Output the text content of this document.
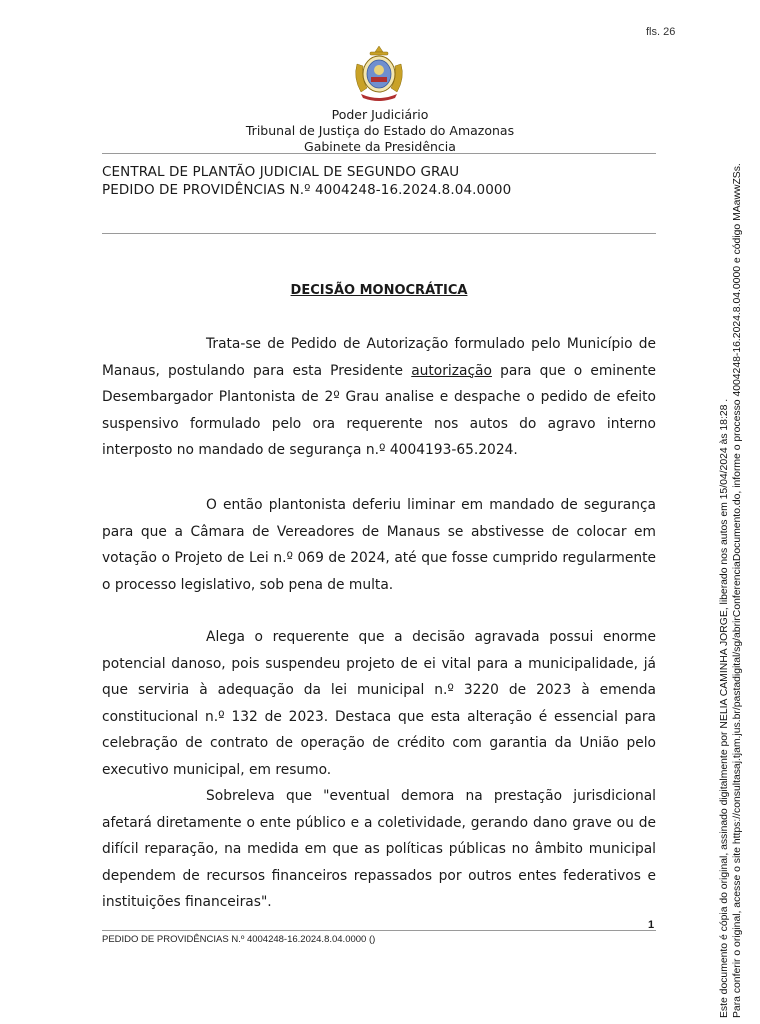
fls. 26
Poder Judiciário
Tribunal de Justiça do Estado do Amazonas
Gabinete da Presidência
CENTRAL DE PLANTÃO JUDICIAL DE SEGUNDO GRAU
PEDIDO DE PROVIDÊNCIAS N.º 4004248-16.2024.8.04.0000
DECISÃO MONOCRÁTICA

Trata-se de Pedido de Autorização formulado pelo Município de Manaus, postulando para esta Presidente autorização para que o eminente Desembargador Plantonista de 2º Grau analise e despache o pedido de efeito suspensivo formulado pelo ora requerente nos autos do agravo interno interposto no mandado de segurança n.º 4004193-65.2024.

O então plantonista deferiu liminar em mandado de segurança para que a Câmara de Vereadores de Manaus se abstivesse de colocar em votação o Projeto de Lei n.º 069 de 2024, até que fosse cumprido regularmente o processo legislativo, sob pena de multa.

Alega o requerente que a decisão agravada possui enorme potencial danoso, pois suspendeu projeto de ei vital para a municipalidade, já que serviria à adequação da lei municipal n.º 3220 de 2023 à emenda constitucional n.º 132 de 2023. Destaca que esta alteração é essencial para celebração de contrato de operação de crédito com garantia da União pelo executivo municipal, em resumo.

Sobreleva que "eventual demora na prestação jurisdicional afetará diretamente o ente público e a coletividade, gerando dano grave ou de difícil reparação, na medida em que as políticas públicas no âmbito municipal dependem de recursos financeiros repassados por outros entes federativos e instituições financeiras".

1
PEDIDO DE PROVIDÊNCIAS N.º 4004248-16.2024.8.04.0000 ()	Este documento é cópia do original, assinado digitalmente por NELIA CAMINHA JORGE, liberado nos autos em 15/04/2024 às 18:28 . Para conferir o original, acesse o site https://consultasaj.tjam.jus.br/pastadigital/sg/abrirConferenciaDocumento.do, informe o processo 4004248-16.2024.8.04.0000 e código MAawwZSs.
